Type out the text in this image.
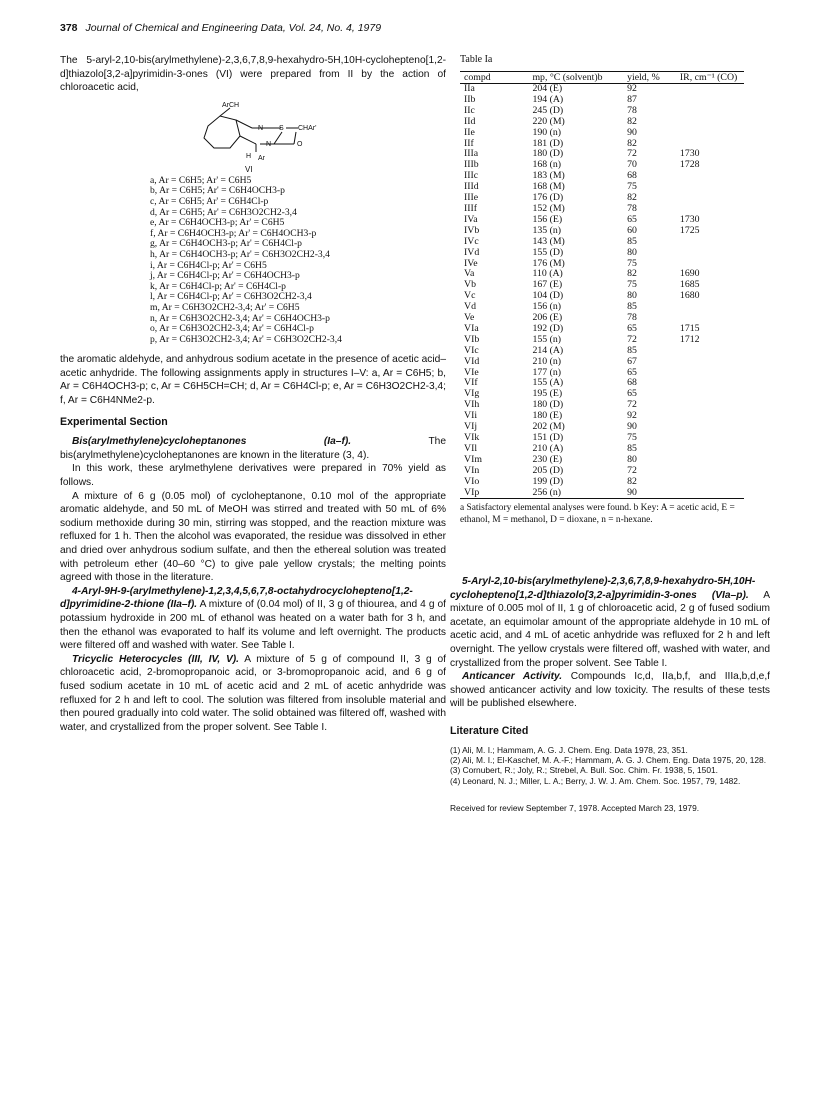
378 Journal of Chemical and Engineering Data, Vol. 24, No. 4, 1979

The 5-aryl-2,10-bis(arylmethylene)-2,3,6,7,8,9-hexahydro-5H,10H-cyclohepteno[1,2-d]thiazolo[3,2-a]pyrimidin-3-ones (VI) were prepared from II by the action of chloroacetic acid,

ArCH
N S CHAr'
N	O
H Ar
VI
a, Ar = C6H5; Ar' = C6H5
b, Ar = C6H5; Ar' = C6H4OCH3-p
c, Ar = C6H5; Ar' = C6H4Cl-p
d, Ar = C6H5; Ar' = C6H3O2CH2-3,4
e, Ar = C6H4OCH3-p; Ar' = C6H5
f, Ar = C6H4OCH3-p; Ar' = C6H4OCH3-p
g, Ar = C6H4OCH3-p; Ar' = C6H4Cl-p
h, Ar = C6H4OCH3-p; Ar' = C6H3O2CH2-3,4
i, Ar = C6H4Cl-p; Ar' = C6H5
j, Ar = C6H4Cl-p; Ar' = C6H4OCH3-p
k, Ar = C6H4Cl-p; Ar' = C6H4Cl-p
l, Ar = C6H4Cl-p; Ar' = C6H3O2CH2-3,4
m, Ar = C6H3O2CH2-3,4; Ar' = C6H5
n, Ar = C6H3O2CH2-3,4; Ar' = C6H4OCH3-p
o, Ar = C6H3O2CH2-3,4; Ar' = C6H4Cl-p
p, Ar = C6H3O2CH2-3,4; Ar' = C6H3O2CH2-3,4

the aromatic aldehyde, and anhydrous sodium acetate in the presence of acetic acid–acetic anhydride. The following assignments apply in structures I–V: a, Ar = C6H5; b, Ar = C6H4OCH3-p; c, Ar = C6H5CH=CH; d, Ar = C6H4Cl-p; e, Ar = C6H3O2CH2-3,4; f, Ar = C6H4NMe2-p.

Experimental Section

Bis(arylmethylene)cycloheptanones (Ia–f). The bis(arylmethylene)cycloheptanones are known in the literature (3, 4).

In this work, these arylmethylene derivatives were prepared in 70% yield as follows.

A mixture of 6 g (0.05 mol) of cycloheptanone, 0.10 mol of the appropriate aromatic aldehyde, and 50 mL of MeOH was stirred and treated with 50 mL of 6% sodium methoxide during 30 min, stirring was stopped, and the reaction mixture was refluxed for 1 h. Then the alcohol was evaporated, the residue was dissolved in ether and dried over anhydrous sodium sulfate, and then the ethereal solution was treated with petroleum ether (40–60 °C) to give pale yellow crystals; the melting points agreed with those in the literature.

4-Aryl-9H-9-(arylmethylene)-1,2,3,4,5,6,7,8-octahydrocyclohepteno[1,2-d]pyrimidine-2-thione (IIa–f). A mixture of (0.04 mol) of II, 3 g of thiourea, and 4 g of potassium hydroxide in 200 mL of ethanol was heated on a water bath for 3 h, and then the ethanol was evaporated to half its volume and left overnight. The products were filtered off and washed with water. See Table I.

Tricyclic Heterocycles (III, IV, V). A mixture of 5 g of compound II, 3 g of chloroacetic acid, 2-bromopropanoic acid, or 3-bromopropanoic acid, and 6 g of fused sodium acetate in 10 mL of acetic acid and 2 mL of acetic anhydride was refluxed for 2 h and left to cool. The solution was filtered from insoluble material and then poured gradually into cold water. The solid obtained was filtered off, washed with water, and crystallized from the proper solvent. See Table I.

Table Ia
compd	mp, °C (solvent)b	yield, %	IR, cm⁻¹ (CO)
IIa	204 (E)	92	
IIb	194 (A)	87	
IIc	245 (D)	78	
IId	220 (M)	82	
IIe	190 (n)	90	
IIf	181 (D)	82	
IIIa	180 (D)	72	1730
IIIb	168 (n)	70	1728
IIIc	183 (M)	68	
IIId	168 (M)	75	
IIIe	176 (D)	82	
IIIf	152 (M)	78	
IVa	156 (E)	65	1730
IVb	135 (n)	60	1725
IVc	143 (M)	85	
IVd	155 (D)	80	
IVe	176 (M)	75	
Va	110 (A)	82	1690
Vb	167 (E)	75	1685
Vc	104 (D)	80	1680
Vd	156 (n)	85	
Ve	206 (E)	78	
VIa	192 (D)	65	1715
VIb	155 (n)	72	1712
VIc	214 (A)	85	
VId	210 (n)	67	
VIe	177 (n)	65	
VIf	155 (A)	68	
VIg	195 (E)	65	
VIh	180 (D)	72	
VIi	180 (E)	92	
VIj	202 (M)	90	
VIk	151 (D)	75	
VIl	210 (A)	85	
VIm	230 (E)	80	
VIn	205 (D)	72	
VIo	199 (D)	82	
VIp	256 (n)	90	
a Satisfactory elemental analyses were found. b Key: A = acetic acid, E = ethanol, M = methanol, D = dioxane, n = n-hexane.

5-Aryl-2,10-bis(arylmethylene)-2,3,6,7,8,9-hexahydro-5H,10H-cyclohepteno[1,2-d]thiazolo[3,2-a]pyrimidin-3-ones (VIa–p). A mixture of 0.005 mol of II, 1 g of chloroacetic acid, 2 g of fused sodium acetate, an equimolar amount of the appropriate aldehyde in 10 mL of acetic acid, and 4 mL of acetic anhydride was refluxed for 2 h and left overnight. The yellow crystals were filtered off, washed with water, and crystallized from the proper solvent. See Table I.

Anticancer Activity. Compounds Ic,d, IIa,b,f, and IIIa,b,d,e,f showed anticancer activity and low toxicity. The results of these tests will be published elsewhere.

Literature Cited
(1) Ali, M. I.; Hammam, A. G. J. Chem. Eng. Data 1978, 23, 351.
(2) Ali, M. I.; El-Kaschef, M. A.-F.; Hammam, A. G. J. Chem. Eng. Data 1975, 20, 128.
(3) Cornubert, R.; Joly, R.; Strebel, A. Bull. Soc. Chim. Fr. 1938, 5, 1501.
(4) Leonard, N. J.; Miller, L. A.; Berry, J. W. J. Am. Chem. Soc. 1957, 79, 1482.
Received for review September 7, 1978. Accepted March 23, 1979.
